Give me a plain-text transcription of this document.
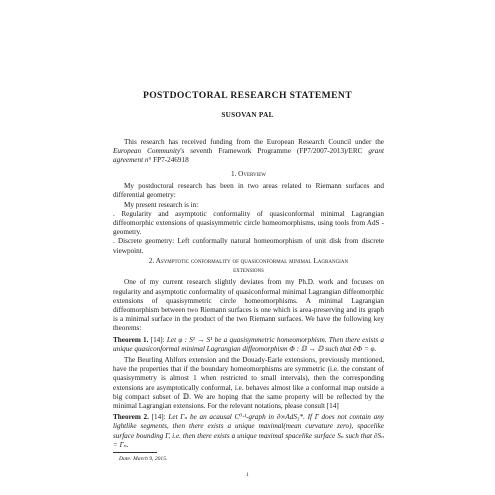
POSTDOCTORAL RESEARCH STATEMENT
SUSOVAN PAL

This research has received funding from the European Research Council under the European Community's seventh Framework Programme (FP7/2007-2013)/ERC grant agreement n° FP7-246918

1. Overview

My postdoctoral research has been in two areas related to Riemann surfaces and differential geometry:

My present research is in:

. Regularity and asymptotic conformality of quasiconformal minimal Lagrangian diffeomorphic extensions of quasisymmetric circle homeomorphisms, using tools from AdS -geometry.

. Discrete geometry: Left conformally natural homeomorphism of unit disk from discrete viewpoint.

2. Asymptotic conformality of quasiconformal minimal Lagrangian

extensions

One of my current research slightly deviates from my Ph.D. work and focuses on regularity and asymptotic conformality of quasiconformal minimal Lagrangian diffeomorphic extensions of quasisymmetric circle homeomorphisms. A minimal Lagrangian diffeomorphism between two Riemann surfaces is one which is area-preserving and its graph is a minimal surface in the product of the two Riemann surfaces. We have the following key theorems:

Theorem 1. [14]: Let φ : S¹ → S¹ be a quasisymmetric homeomorphism. Then there exists a unique quasiconformal minimal Lagrangian diffeomorphism Φ : 𝔻 → 𝔻 such that ∂Φ = φ.

The Beurling Ahlfors extension and the Douady-Earle extensions, previously mentioned, have the properties that if the boundary homeomorphisms are symmetric (i.e. the constant of quasisymmetry is almost 1 when restricted to small intervals), then the corresponding extensions are asymptotically conformal, i.e. behaves almost like a conformal map outside a big compact subset of 𝔻. We are hoping that the same property will be reflected by the minimal Lagrangian extensions. For the relevant notations, please consult [14]

Theorem 2. [14]: Let Γₙ be an acausal C⁰·¹-graph in ∂∞AdS₃*. If Γ does not contain any lightlike segments, then there exists a unique maximal(mean curvature zero), spacelike surface bounding Γ, i.e. then there exists a unique maximal spacelike surface Sₙ such that ∂Sₙ = Γₙ.

Date: March 9, 2015.
1
